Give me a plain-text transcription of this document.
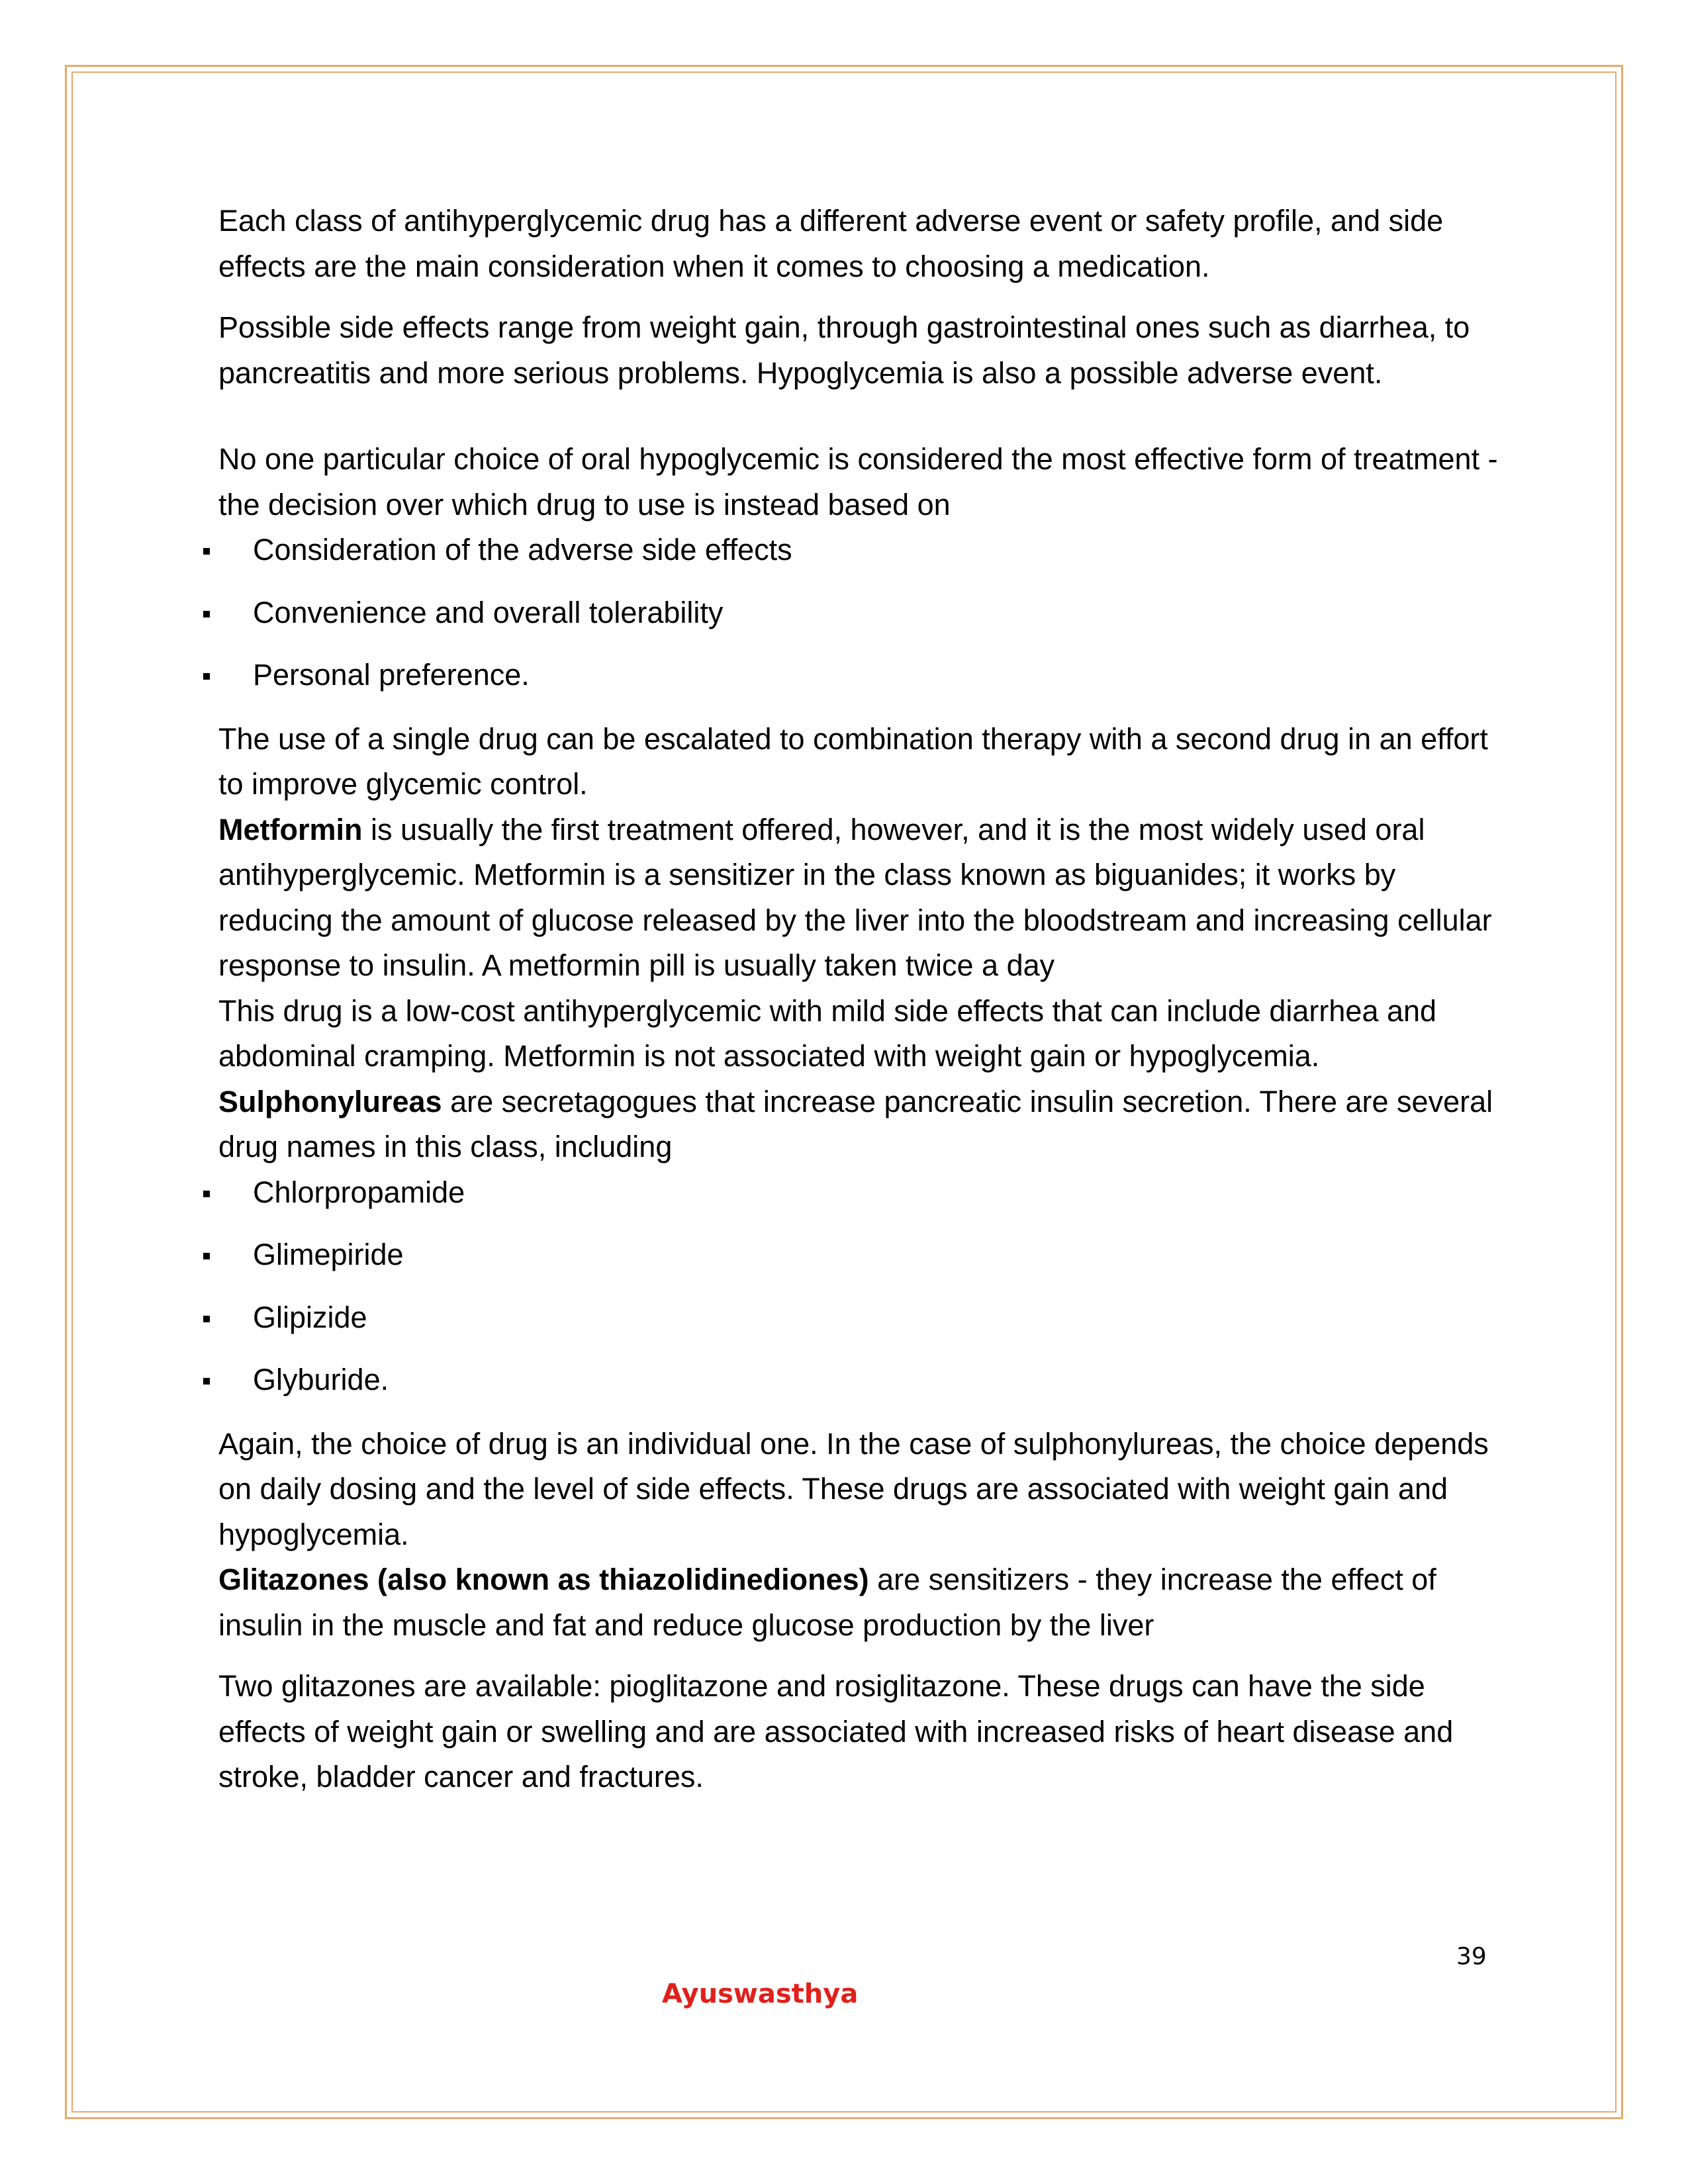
Each class of antihyperglycemic drug has a different adverse event or safety profile, and side effects are the main consideration when it comes to choosing a medication.

Possible side effects range from weight gain, through gastrointestinal ones such as diarrhea, to pancreatitis and more serious problems. Hypoglycemia is also a possible adverse event.

No one particular choice of oral hypoglycemic is considered the most effective form of treatment - the decision over which drug to use is instead based on

Consideration of the adverse side effects
Convenience and overall tolerability
Personal preference.

The use of a single drug can be escalated to combination therapy with a second drug in an effort to improve glycemic control.

Metformin is usually the first treatment offered, however, and it is the most widely used oral antihyperglycemic. Metformin is a sensitizer in the class known as biguanides; it works by reducing the amount of glucose released by the liver into the bloodstream and increasing cellular response to insulin. A metformin pill is usually taken twice a day

This drug is a low-cost antihyperglycemic with mild side effects that can include diarrhea and abdominal cramping. Metformin is not associated with weight gain or hypoglycemia.

Sulphonylureas are secretagogues that increase pancreatic insulin secretion. There are several drug names in this class, including

Chlorpropamide
Glimepiride
Glipizide
Glyburide.

Again, the choice of drug is an individual one. In the case of sulphonylureas, the choice depends on daily dosing and the level of side effects. These drugs are associated with weight gain and hypoglycemia.

Glitazones (also known as thiazolidinediones) are sensitizers - they increase the effect of insulin in the muscle and fat and reduce glucose production by the liver

Two glitazones are available: pioglitazone and rosiglitazone. These drugs can have the side effects of weight gain or swelling and are associated with increased risks of heart disease and stroke, bladder cancer and fractures.

39
Ayuswasthya
